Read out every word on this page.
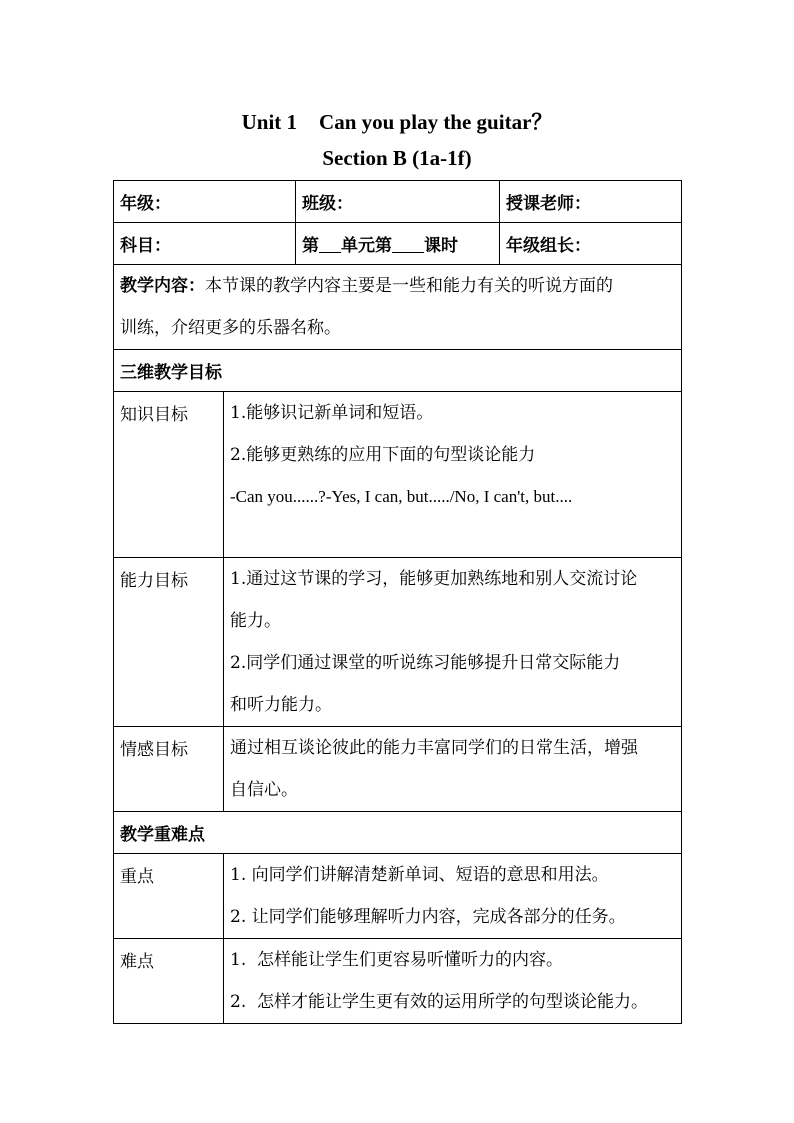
Unit 1 Can you play the guitar？
Section B (1a-1f)
年级：		班级：	授课老师：
科目：		第 单元第 课时	年级组长：
教学内容：本节课的教学内容主要是一些和能力有关的听说方面的
训练，介绍更多的乐器名称。			
三维教学目标			
知识目标	1.能够识记新单词和短语。
2.能够更熟练的应用下面的句型谈论能力
-Can you......?-Yes, I can, but...../No, I can't, but....		

能力目标	1.通过这节课的学习，能够更加熟练地和别人交流讨论
能力。
2.同学们通过课堂的听说练习能够提升日常交际能力
和听力能力。		

情感目标	通过相互谈论彼此的能力丰富同学们的日常生活，增强
自信心。		

教学重难点			
重点	1. 向同学们讲解清楚新单词、短语的意思和用法。
2. 让同学们能够理解听力内容，完成各部分的任务。		

难点	1.  怎样能让学生们更容易听懂听力的内容。
2.  怎样才能让学生更有效的运用所学的句型谈论能力。		
